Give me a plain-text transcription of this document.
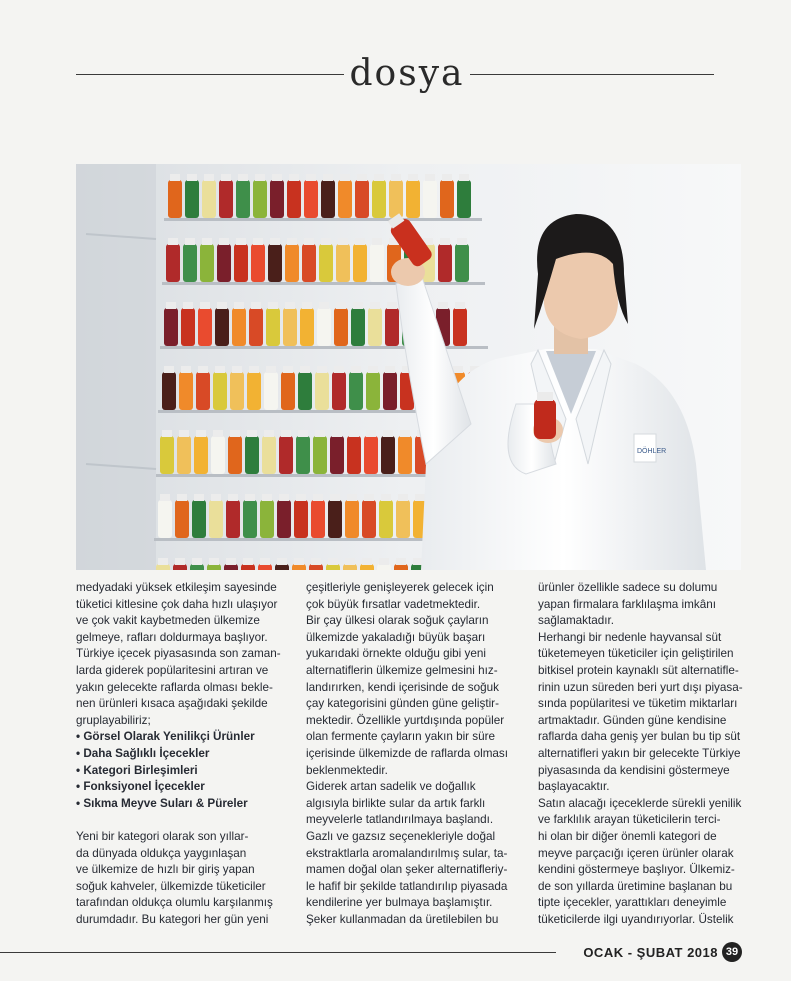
dosya
DÖHLER

medyadaki yüksek etkileşim sayesinde

tüketici kitlesine çok daha hızlı ulaşıyor

ve çok vakit kaybetmeden ülkemize

gelmeye, rafları doldurmaya başlıyor.

Türkiye içecek piyasasında son zaman-

larda giderek popülaritesini artıran ve

yakın gelecekte raflarda olması bekle-

nen ürünleri kısaca aşağıdaki şekilde

gruplayabiliriz;

• Görsel Olarak Yenilikçi Ürünler

• Daha Sağlıklı İçecekler

• Kategori Birleşimleri

• Fonksiyonel İçecekler

• Sıkma Meyve Suları & Püreler

Yeni bir kategori olarak son yıllar-

da dünyada oldukça yaygınlaşan

ve ülkemize de hızlı bir giriş yapan

soğuk kahveler, ülkemizde tüketiciler

tarafından oldukça olumlu karşılanmış

durumdadır. Bu kategori her gün yeni

çeşitleriyle genişleyerek gelecek için

çok büyük fırsatlar vadetmektedir.

Bir çay ülkesi olarak soğuk çayların

ülkemizde yakaladığı büyük başarı

yukarıdaki örnekte olduğu gibi yeni

alternatiflerin ülkemize gelmesini hız-

landırırken, kendi içerisinde de soğuk

çay kategorisini günden güne geliştir-

mektedir. Özellikle yurtdışında popüler

olan fermente çayların yakın bir süre

içerisinde ülkemizde de raflarda olması

beklenmektedir.

Giderek artan sadelik ve doğallık

algısıyla birlikte sular da artık farklı

meyvelerle tatlandırılmaya başlandı.

Gazlı ve gazsız seçenekleriyle doğal

ekstraktlarla aromalandırılmış sular, ta-

mamen doğal olan şeker alternatifleriy-

le hafif bir şekilde tatlandırılıp piyasada

kendilerine yer bulmaya başlamıştır.

Şeker kullanmadan da üretilebilen bu

ürünler özellikle sadece su dolumu

yapan firmalara farklılaşma imkânı

sağlamaktadır.

Herhangi bir nedenle hayvansal süt

tüketemeyen tüketiciler için geliştirilen

bitkisel protein kaynaklı süt alternatifle-

rinin uzun süreden beri yurt dışı piyasa-

sında popülaritesi ve tüketim miktarları

artmaktadır. Günden güne kendisine

raflarda daha geniş yer bulan bu tip süt

alternatifleri yakın bir gelecekte Türkiye

piyasasında da kendisini göstermeye

başlayacaktır.

Satın alacağı içeceklerde sürekli yenilik

ve farklılık arayan tüketicilerin terci-

hi olan bir diğer önemli kategori de

meyve parçacığı içeren ürünler olarak

kendini göstermeye başlıyor. Ülkemiz-

de son yıllarda üretimine başlanan bu

tipte içecekler, yarattıkları deneyimle

tüketicilerde ilgi uyandırıyorlar. Üstelik

OCAK - ŞUBAT 2018 39
